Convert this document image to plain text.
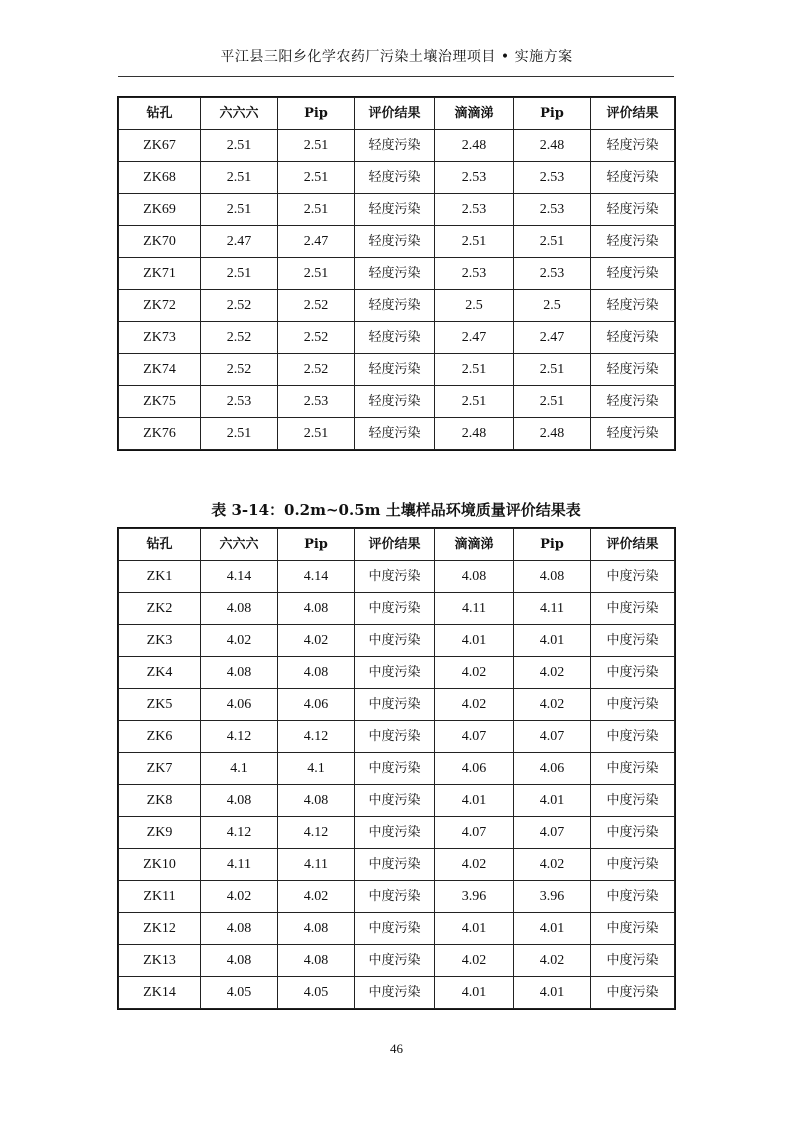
平江县三阳乡化学农药厂污染土壤治理项目 • 实施方案
钻孔	六六六	Pip	评价结果	滴滴涕	Pip	评价结果
ZK67	2.51	2.51	轻度污染	2.48	2.48	轻度污染
ZK68	2.51	2.51	轻度污染	2.53	2.53	轻度污染
ZK69	2.51	2.51	轻度污染	2.53	2.53	轻度污染
ZK70	2.47	2.47	轻度污染	2.51	2.51	轻度污染
ZK71	2.51	2.51	轻度污染	2.53	2.53	轻度污染
ZK72	2.52	2.52	轻度污染	2.5	2.5	轻度污染
ZK73	2.52	2.52	轻度污染	2.47	2.47	轻度污染
ZK74	2.52	2.52	轻度污染	2.51	2.51	轻度污染
ZK75	2.53	2.53	轻度污染	2.51	2.51	轻度污染
ZK76	2.51	2.51	轻度污染	2.48	2.48	轻度污染
表 3-14：0.2m~0.5m 土壤样品环境质量评价结果表
钻孔	六六六	Pip	评价结果	滴滴涕	Pip	评价结果
ZK1	4.14	4.14	中度污染	4.08	4.08	中度污染
ZK2	4.08	4.08	中度污染	4.11	4.11	中度污染
ZK3	4.02	4.02	中度污染	4.01	4.01	中度污染
ZK4	4.08	4.08	中度污染	4.02	4.02	中度污染
ZK5	4.06	4.06	中度污染	4.02	4.02	中度污染
ZK6	4.12	4.12	中度污染	4.07	4.07	中度污染
ZK7	4.1	4.1	中度污染	4.06	4.06	中度污染
ZK8	4.08	4.08	中度污染	4.01	4.01	中度污染
ZK9	4.12	4.12	中度污染	4.07	4.07	中度污染
ZK10	4.11	4.11	中度污染	4.02	4.02	中度污染
ZK11	4.02	4.02	中度污染	3.96	3.96	中度污染
ZK12	4.08	4.08	中度污染	4.01	4.01	中度污染
ZK13	4.08	4.08	中度污染	4.02	4.02	中度污染
ZK14	4.05	4.05	中度污染	4.01	4.01	中度污染
46
